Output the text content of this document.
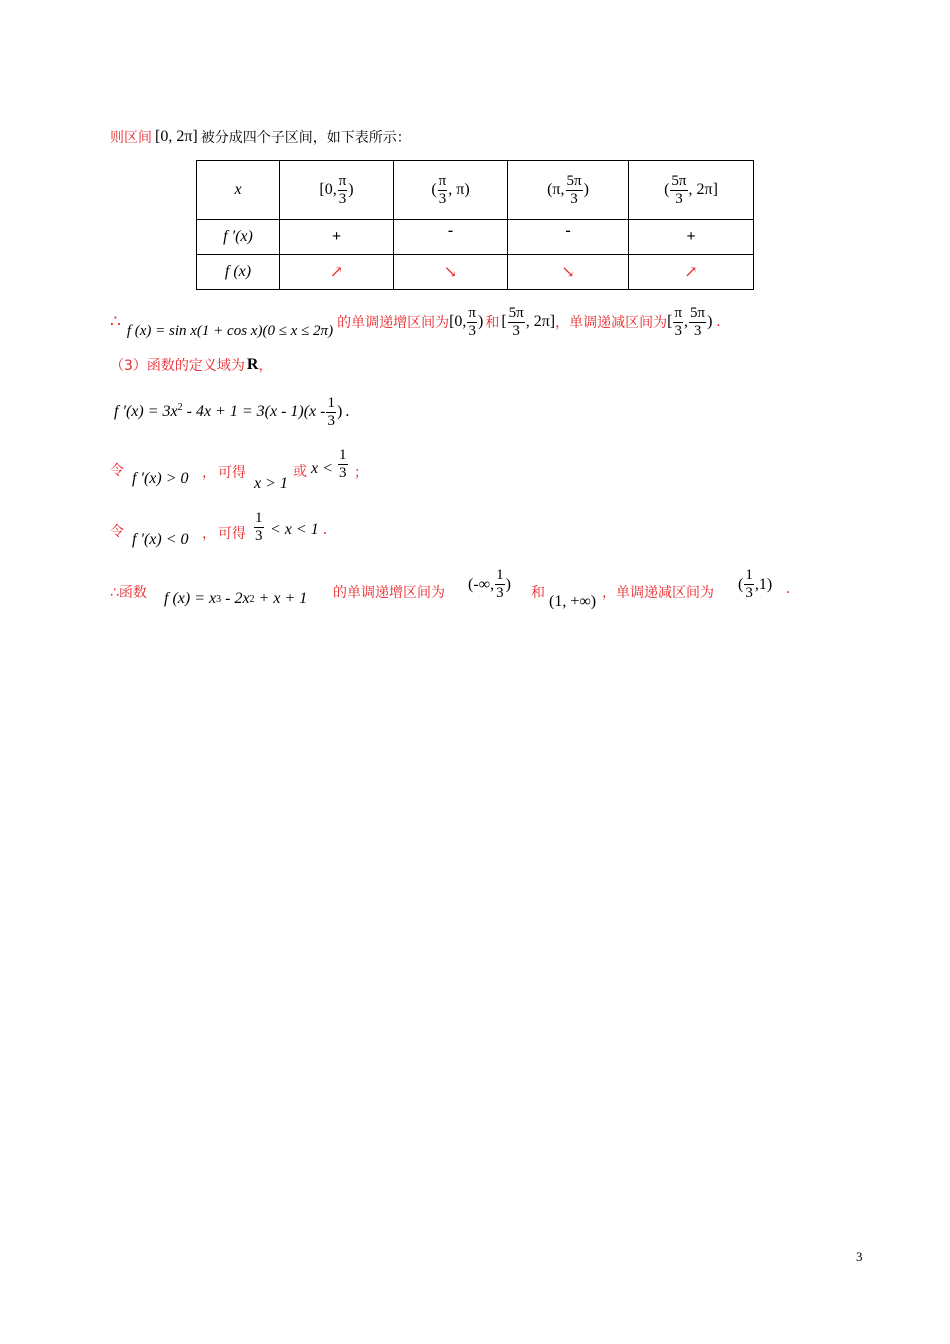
则区间 [0, 2π] 被分成四个子区间，如下表所示：
x	[0, $\frac{\pi}{3}$ )	( $\frac{\pi}{3}$ , π)	(π, $\frac{5\pi}{3}$ )	( $\frac{5\pi}{3}$ , 2π]
f ′(x)	+	-	-	+
f (x)	↗	↘	↘	↗
∴ f (x) = sin x(1 + cos x)(0 ≤ x ≤ 2π) 的单调递增区间为 [0, $\frac{\pi}{3}$ ) 和 [ $\frac{5\pi}{3}$ , 2π] ，单调递减区间为 [ $\frac{\pi}{3}$ , $\frac{5\pi}{3}$ ) .
（3）函数的定义域为 R ，
f $'(x) = 3x^2 - 4x + 1 = 3(x - 1)(x - \frac{1}{3}$ ) .
令 f ′(x) > 0 ， 可得
x > 1
或 $x < \frac{1}{3}$ ；
令 f ′(x) < 0 ， 可得 $\frac{1}{3} < x < 1$ .
∴函数 f (x) = x 3 - 2x 2 + x + 1 的单调递增区间为
(-∞, $\frac{1}{3}$ )
和 (1, +∞) ，单调递减区间为
( $\frac{1}{3} ,1$) .
3
